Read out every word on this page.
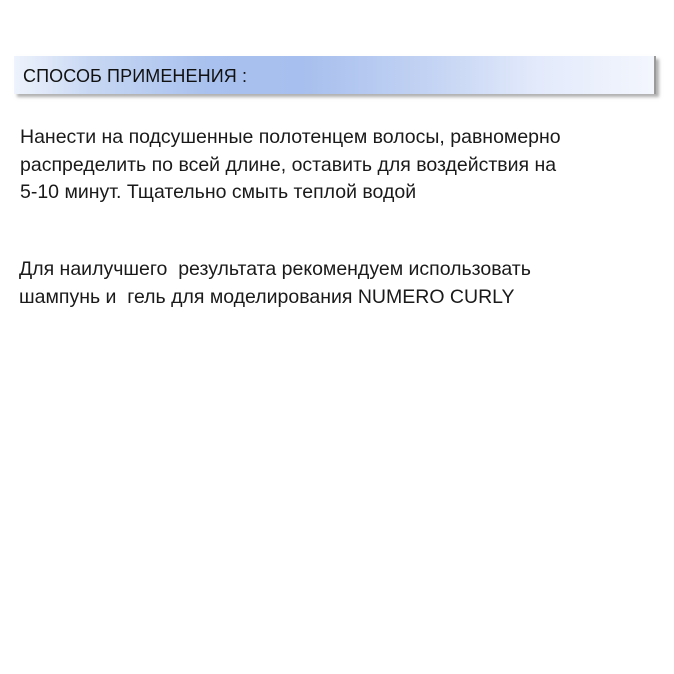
СПОСОБ ПРИМЕНЕНИЯ :
Нанести на подсушенные полотенцем волосы, равномерно
распределить по всей длине, оставить для воздействия на
5-10 минут. Тщательно смыть теплой водой
Для наилучшего  результата рекомендуем использовать
шампунь и  гель для моделирования NUMERO CURLY
